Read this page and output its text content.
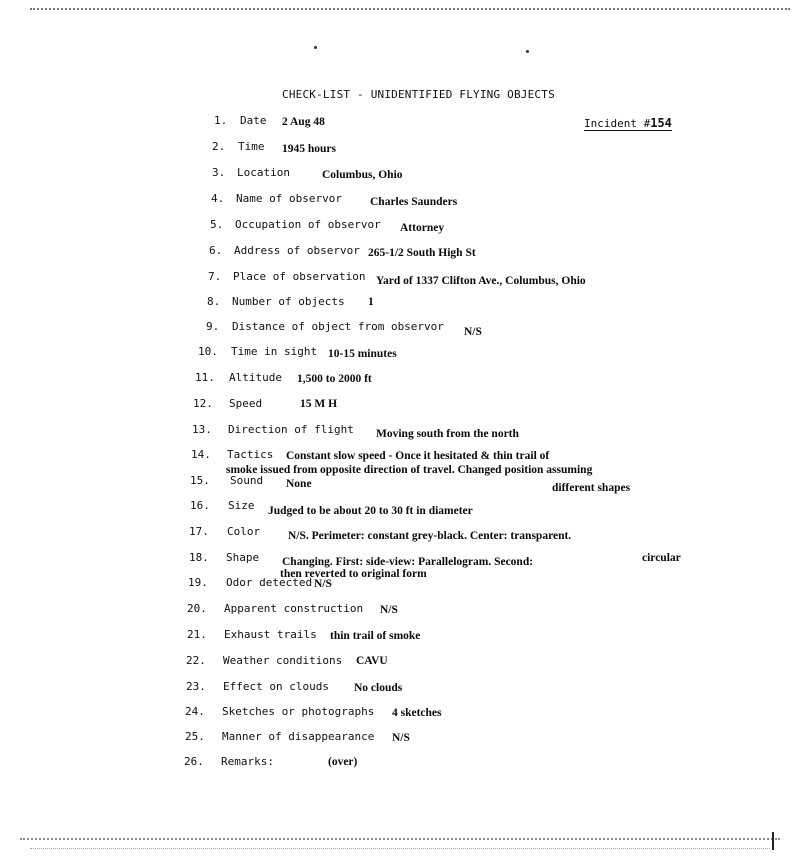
CHECK-LIST - UNIDENTIFIED FLYING OBJECTS
Incident #154
1. Date 2 Aug 48
2. Time 1945 hours
3. Location	Columbus, Ohio
4. Name of observor Charles Saunders
5. Occupation of observor Attorney
6. Address of observor 265-1/2 South High St
7. Place of observation Yard of 1337 Clifton Ave., Columbus, Ohio
8. Number of objects 1
9. Distance of object from observor N/S
10. Time in sight 10-15 minutes
11. Altitude 1,500 to 2000 ft
12. Speed	15 M H
13. Direction of flight Moving south from the north
14. Tactics Constant slow speed - Once it hesitated & thin trail of
smoke issued from opposite direction of travel. Changed position assuming
different shapes
15. Sound None
16. Size Judged to be about 20 to 30 ft in diameter
17. Color N/S. Perimeter: constant grey-black. Center: transparent.
18. Shape Changing. First: side-view: Parallelogram. Second:	circular
then reverted to original form
19. Odor detected N/S
20. Apparent construction N/S
21. Exhaust trails thin trail of smoke
22. Weather conditions CAVU
23. Effect on clouds No clouds
24. Sketches or photographs 4 sketches
25. Manner of disappearance N/S
26. Remarks:	(over)
